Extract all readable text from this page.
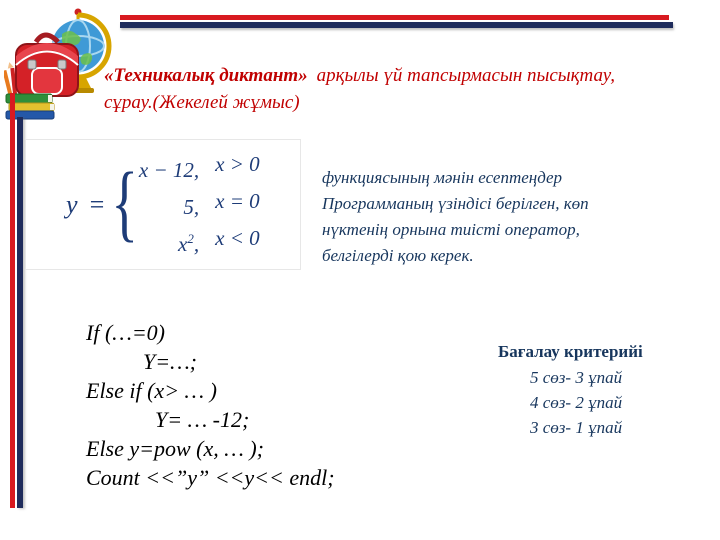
«Техникалық диктант» арқылы үй тапсырмасын пысықтау,
сұрау.(Жекелей жұмыс)
y = { x − 12, x > 0
5, x = 0
$x^2$, x < 0
функциясының мәнін есептеңдер
Программаның үзіндісі берілген, көп
нүктенің орнына тиісті оператор,
белгілерді қою керек.
If (…=0)
Y=…;
Else if (x> … )
Y= … -12;
Else y=pow (x, … );
Count <<”y” <<y<< endl;
Бағалау критерийі
5 сөз- 3 ұпай
4 сөз- 2 ұпай
3 сөз- 1 ұпай
